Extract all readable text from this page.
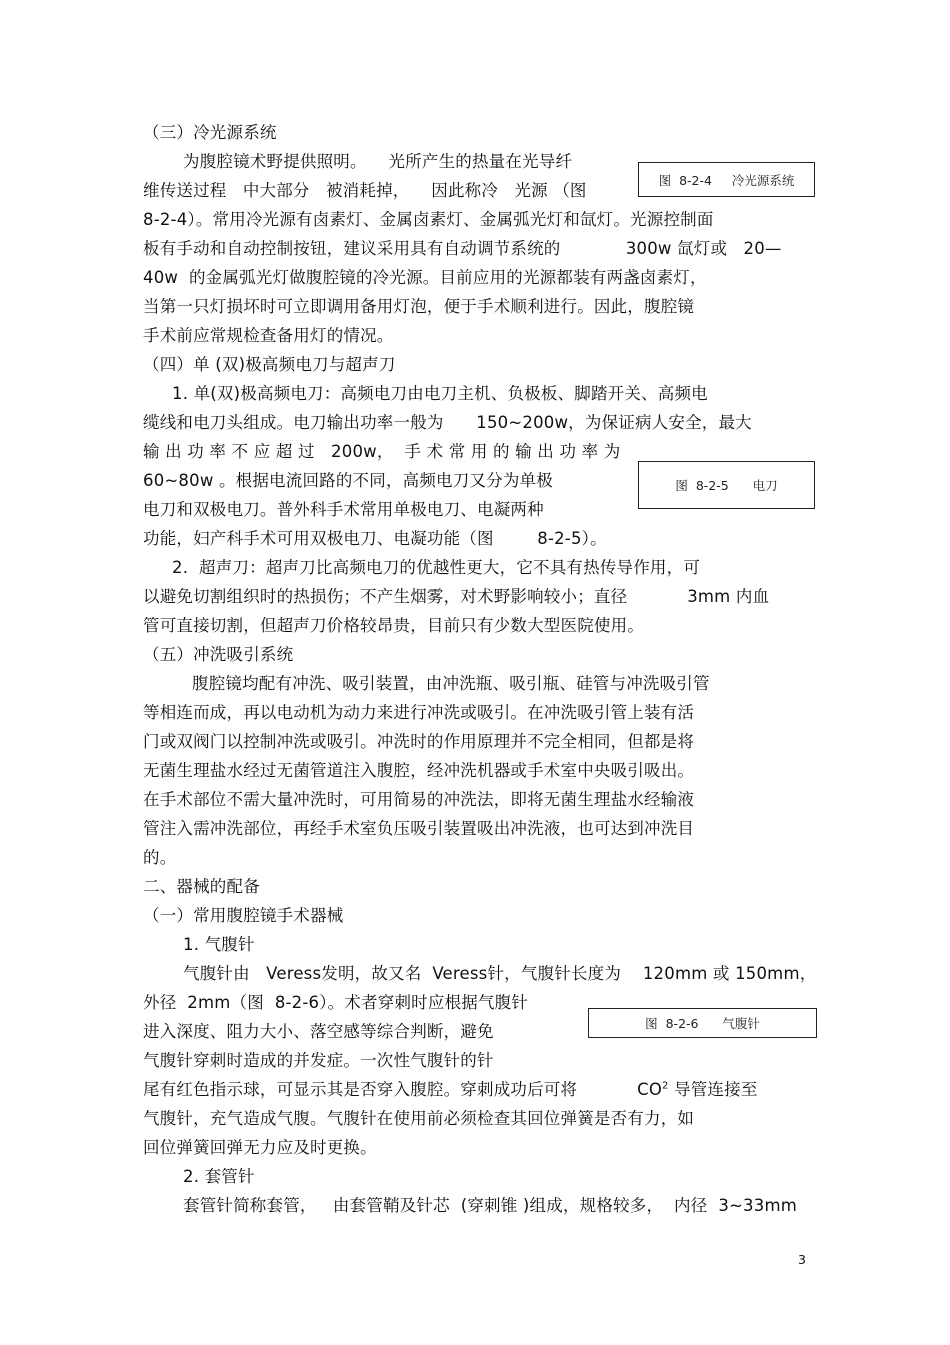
（三）冷光源系统
为腹腔镜术野提供照明。    光所产生的热量在光导纤
维传送过程   中大部分   被消耗掉，    因此称冷   光源 （图
8-2-4）。常用冷光源有卤素灯、金属卤素灯、金属弧光灯和氙灯。光源控制面
板有手动和自动控制按钮，建议采用具有自动调节系统的            300w 氙灯或   20—
40w  的金属弧光灯做腹腔镜的冷光源。目前应用的光源都装有两盏卤素灯，
当第一只灯损坏时可立即调用备用灯泡，便于手术顺利进行。因此，腹腔镜
手术前应常规检查备用灯的情况。
（四）单 (双)极高频电刀与超声刀
1. 单(双)极高频电刀：高频电刀由电刀主机、负极板、脚踏开关、高频电
缆线和电刀头组成。电刀输出功率一般为      150~200w，为保证病人安全，最大
输 出 功 率 不 应 超 过   200w，  手 术 常 用 的 输 出 功 率 为
60~80w 。根据电流回路的不同，高频电刀又分为单极
电刀和双极电刀。普外科手术常用单极电刀、电凝两种
功能，妇产科手术可用双极电刀、电凝功能（图        8-2-5）。
2.  超声刀：超声刀比高频电刀的优越性更大，它不具有热传导作用，可
以避免切割组织时的热损伤；不产生烟雾，对术野影响较小；直径           3mm 内血
管可直接切割，但超声刀价格较昂贵，目前只有少数大型医院使用。
（五）冲洗吸引系统
腹腔镜均配有冲洗、吸引装置，由冲洗瓶、吸引瓶、硅管与冲洗吸引管
等相连而成，再以电动机为动力来进行冲洗或吸引。在冲洗吸引管上装有活
门或双阀门以控制冲洗或吸引。冲洗时的作用原理并不完全相同，但都是将
无菌生理盐水经过无菌管道注入腹腔，经冲洗机器或手术室中央吸引吸出。
在手术部位不需大量冲洗时，可用简易的冲洗法，即将无菌生理盐水经输液
管注入需冲洗部位，再经手术室负压吸引装置吸出冲洗液，也可达到冲洗目
的。
二、器械的配备
（一）常用腹腔镜手术器械
1. 气腹针
气腹针由   Veress发明，故又名  Veress针，气腹针长度为    120mm 或 150mm，
外径  2mm（图  8-2-6）。术者穿刺时应根据气腹针
进入深度、阻力大小、落空感等综合判断，避免
气腹针穿刺时造成的并发症。一次性气腹针的针
尾有红色指示球，可显示其是否穿入腹腔。穿刺成功后可将           $CO^2$ 导管连接至
气腹针，充气造成气腹。气腹针在使用前必须检查其回位弹簧是否有力，如
回位弹簧回弹无力应及时更换。
2. 套管针
套管针简称套管，   由套管鞘及针芯  (穿刺锥 )组成，规格较多，  内径  3~33mm
图  8-2-4     冷光源系统
图  8-2-5      电刀
图  8-2-6      气腹针
3
